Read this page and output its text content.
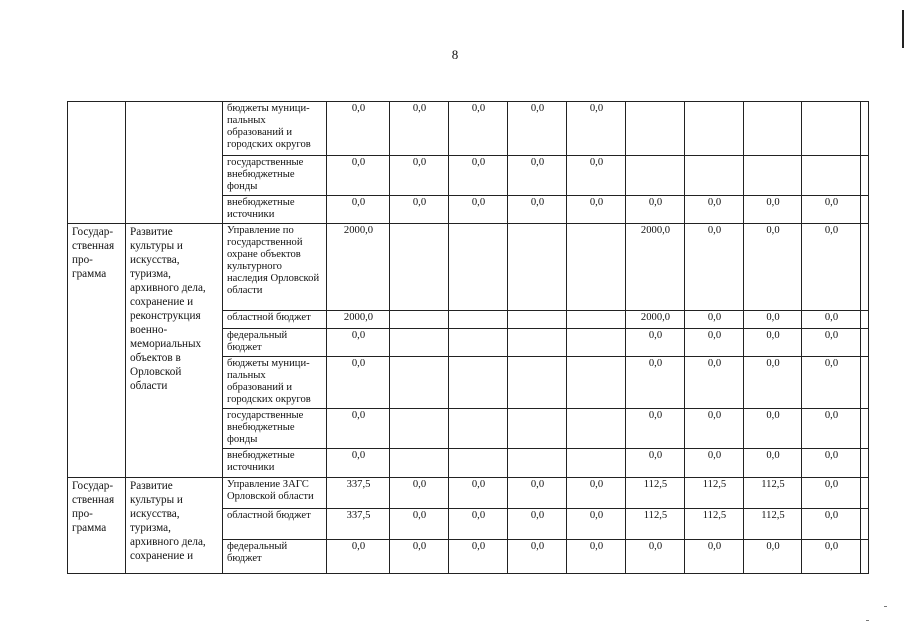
8
		бюджеты муници-пальных образований и городских округов	0,0	0,0	0,0	0,0	0,0					
		государственные внебюджетные фонды	0,0	0,0	0,0	0,0	0,0					
		внебюджетные источники	0,0	0,0	0,0	0,0	0,0	0,0	0,0	0,0	0,0	
Государ-ственная про-грамма	Развитие культуры и искусства, туризма, архивного дела, сохранение и реконструкция военно-мемориальных объектов в Орловской области	Управление по государственной охране объектов культурного наследия Орловской области	2000,0					2000,0	0,0	0,0	0,0	
		областной бюджет	2000,0					2000,0	0,0	0,0	0,0	
		федеральный бюджет	0,0					0,0	0,0	0,0	0,0	
		бюджеты муници-пальных образований и городских округов	0,0					0,0	0,0	0,0	0,0	
		государственные внебюджетные фонды	0,0					0,0	0,0	0,0	0,0	
		внебюджетные источники	0,0					0,0	0,0	0,0	0,0	
Государ-ственная про-грамма	Развитие культуры и искусства, туризма, архивного дела, сохранение и	Управление ЗАГС Орловской области	337,5	0,0	0,0	0,0	0,0	112,5	112,5	112,5	0,0	
		областной бюджет	337,5	0,0	0,0	0,0	0,0	112,5	112,5	112,5	0,0	
		федеральный бюджет	0,0	0,0	0,0	0,0	0,0	0,0	0,0	0,0	0,0	
